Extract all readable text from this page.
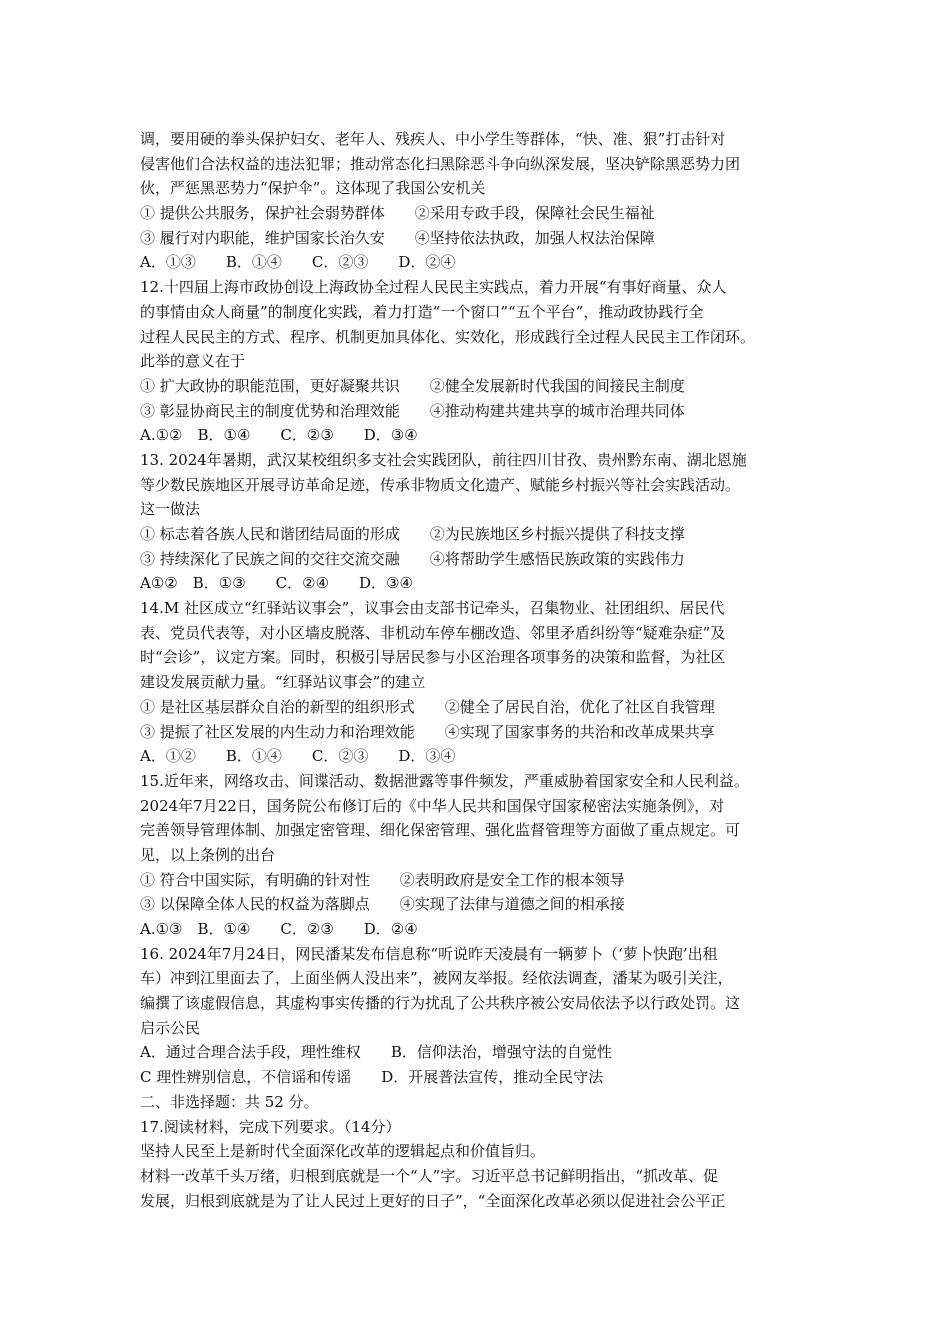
调，要用硬的拳头保护妇女、老年人、残疾人、中小学生等群体，“快、准、狠”打击针对
侵害他们合法权益的违法犯罪；推动常态化扫黑除恶斗争向纵深发展，坚决铲除黑恶势力团
伙，严惩黑恶势力“保护伞”。这体现了我国公安机关
① 提供公共服务，保护社会弱势群体　　②采用专政手段，保障社会民生福祉
③ 履行对内职能，维护国家长治久安　　④坚持依法执政，加强人权法治保障
A．①③　　B．①④　　C．②③　　D．②④
12.十四届上海市政协创设上海政协全过程人民民主实践点，着力开展“有事好商量、众人
的事情由众人商量”的制度化实践，着力打造“一个窗口”“五个平台”，推动政协践行全
过程人民民主的方式、程序、机制更加具体化、实效化，形成践行全过程人民民主工作闭环。
此举的意义在于
① 扩大政协的职能范围，更好凝聚共识　　②健全发展新时代我国的间接民主制度
③ 彰显协商民主的制度优势和治理效能　　④推动构建共建共享的城市治理共同体
A.①②　B．①④　　C．②③　　D．③④
13. 2024年暑期，武汉某校组织多支社会实践团队，前往四川甘孜、贵州黔东南、湖北恩施
等少数民族地区开展寻访革命足迹，传承非物质文化遗产、赋能乡村振兴等社会实践活动。
这一做法
① 标志着各族人民和谐团结局面的形成　　②为民族地区乡村振兴提供了科技支撑
③ 持续深化了民族之间的交往交流交融　　④将帮助学生感悟民族政策的实践伟力
A①②　B．①③　　C．②④　　D．③④
14.M 社区成立“红驿站议事会”，议事会由支部书记牵头，召集物业、社团组织、居民代
表、党员代表等，对小区墙皮脱落、非机动车停车棚改造、邻里矛盾纠纷等“疑难杂症”及
时“会诊”，议定方案。同时，积极引导居民参与小区治理各项事务的决策和监督，为社区
建设发展贡献力量。“红驿站议事会”的建立
① 是社区基层群众自治的新型的组织形式　　②健全了居民自治，优化了社区自我管理
③ 提振了社区发展的内生动力和治理效能　　④实现了国家事务的共治和改革成果共享
A．①②　　B．①④　　C．②③　　D．③④
15.近年来，网络攻击、间谍活动、数据泄露等事件频发，严重威胁着国家安全和人民利益。
2024年7月22日，国务院公布修订后的《中华人民共和国保守国家秘密法实施条例》，对
完善领导管理体制、加强定密管理、细化保密管理、强化监督管理等方面做了重点规定。可
见，以上条例的出台
① 符合中国实际，有明确的针对性　　②表明政府是安全工作的根本领导
③ 以保障全体人民的权益为落脚点　　④实现了法律与道德之间的相承接
A.①③　B．①④　　C．②③　　D．②④
16. 2024年7月24日，网民潘某发布信息称“听说昨天凌晨有一辆萝卜（‘萝卜快跑’出租
车）冲到江里面去了，上面坐俩人没出来”，被网友举报。经依法调查，潘某为吸引关注，
编撰了该虚假信息，其虚构事实传播的行为扰乱了公共秩序被公安局依法予以行政处罚。这
启示公民
A．通过合理合法手段，理性维权　　B．信仰法治，增强守法的自觉性
C 理性辨别信息，不信谣和传谣　　D．开展普法宣传，推动全民守法
二、非选择题：共 52 分。
17.阅读材料，完成下列要求。（14分）
坚持人民至上是新时代全面深化改革的逻辑起点和价值旨归。
材料一改革千头万绪，归根到底就是一个“人”字。习近平总书记鲜明指出，“抓改革、促
发展，归根到底就是为了让人民过上更好的日子”，“全面深化改革必须以促进社会公平正
